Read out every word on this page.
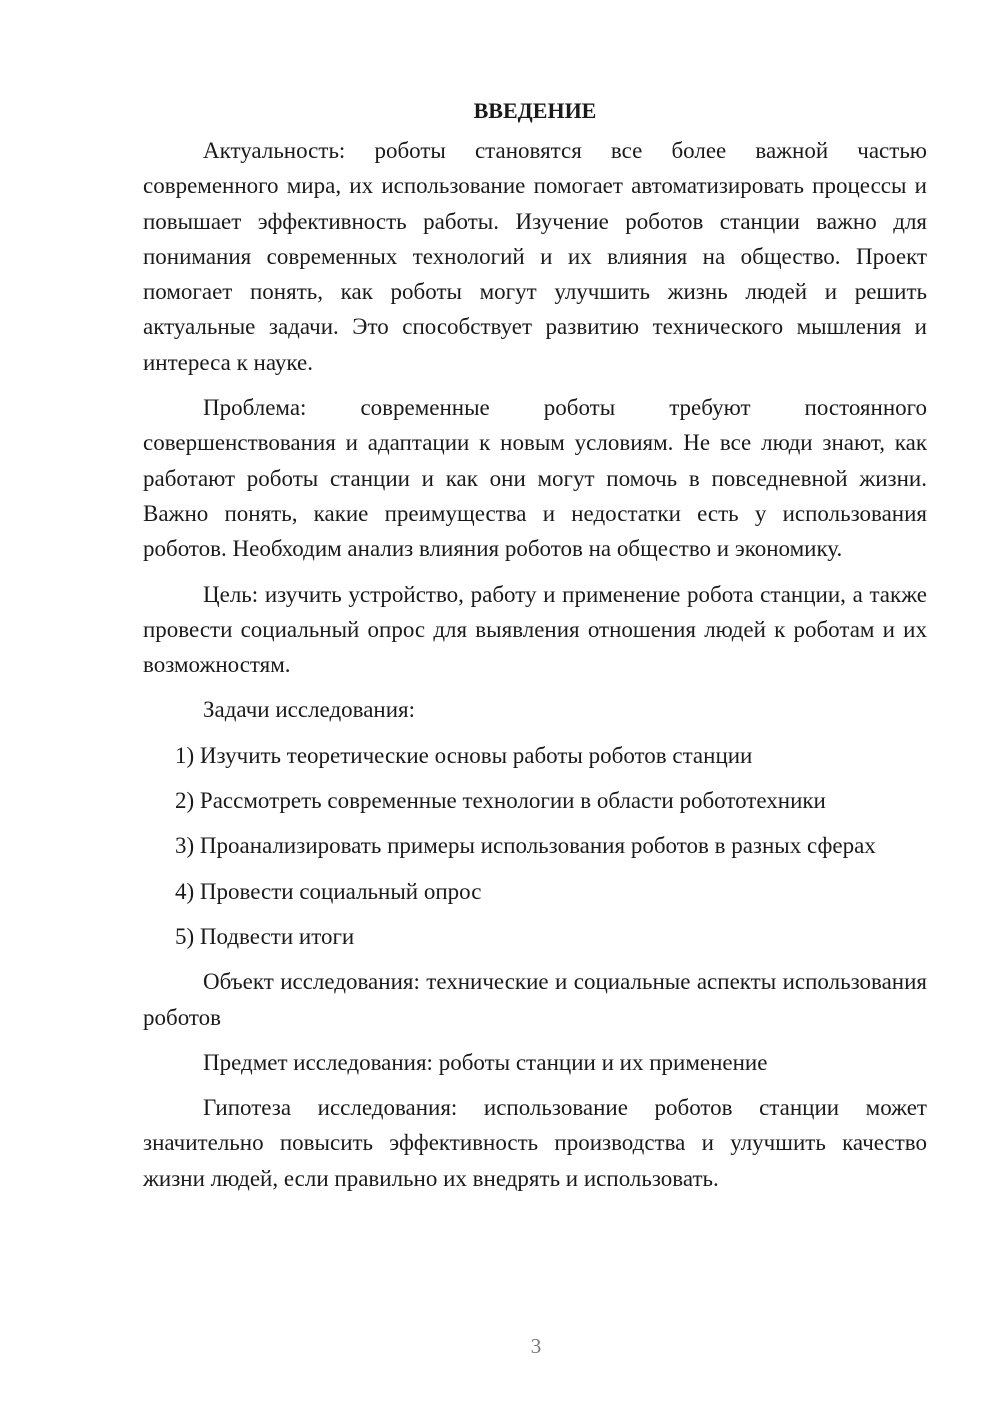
ВВЕДЕНИЕ

Актуальность: роботы становятся все более важной частью современного мира, их использование помогает автоматизировать процессы и повышает эффективность работы. Изучение роботов станции важно для понимания современных технологий и их влияния на общество. Проект помогает понять, как роботы могут улучшить жизнь людей и решить актуальные задачи. Это способствует развитию технического мышления и интереса к науке.

Проблема: современные роботы требуют постоянного совершенствования и адаптации к новым условиям. Не все люди знают, как работают роботы станции и как они могут помочь в повседневной жизни. Важно понять, какие преимущества и недостатки есть у использования роботов. Необходим анализ влияния роботов на общество и экономику.

Цель: изучить устройство, работу и применение робота станции, а также провести социальный опрос для выявления отношения людей к роботам и их возможностям.

Задачи исследования:

1) Изучить теоретические основы работы роботов станции

2) Рассмотреть современные технологии в области робототехники

3) Проанализировать примеры использования роботов в разных сферах

4) Провести социальный опрос

5) Подвести итоги

Объект исследования: технические и социальные аспекты использования роботов

Предмет исследования: роботы станции и их применение

Гипотеза исследования: использование роботов станции может значительно повысить эффективность производства и улучшить качество жизни людей, если правильно их внедрять и использовать.

3
